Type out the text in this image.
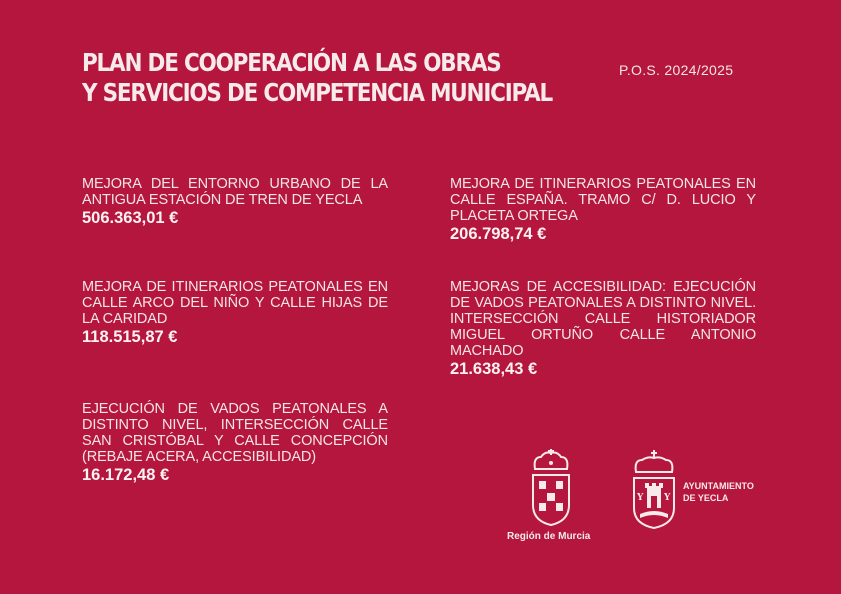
PLAN DE COOPERACIÓN A LAS OBRAS
Y SERVICIOS DE COMPETENCIA MUNICIPAL
P.O.S. 2024/2025
MEJORA DEL ENTORNO URBANO DE LA ANTIGUA ESTACIÓN DE TREN DE YECLA
506.363,01 €
MEJORA DE ITINERARIOS PEATONALES EN CALLE ARCO DEL NIÑO Y CALLE HIJAS DE LA CARIDAD
118.515,87 €
EJECUCIÓN DE VADOS PEATONALES A DISTINTO NIVEL, INTERSECCIÓN CALLE SAN CRISTÓBAL Y CALLE CONCEPCIÓN (REBAJE ACERA, ACCESIBILIDAD)
16.172,48 €
MEJORA DE ITINERARIOS PEATONALES EN CALLE ESPAÑA. TRAMO C/ D. LUCIO Y PLACETA ORTEGA
206.798,74 €
MEJORAS DE ACCESIBILIDAD: EJECUCIÓN DE VADOS PEATONALES A DISTINTO NIVEL. INTERSECCIÓN CALLE HISTORIADOR MIGUEL ORTUÑO CALLE ANTONIO MACHADO
21.638,43 €
Región de Murcia
Y Y
AYUNTAMIENTO
DE YECLA
